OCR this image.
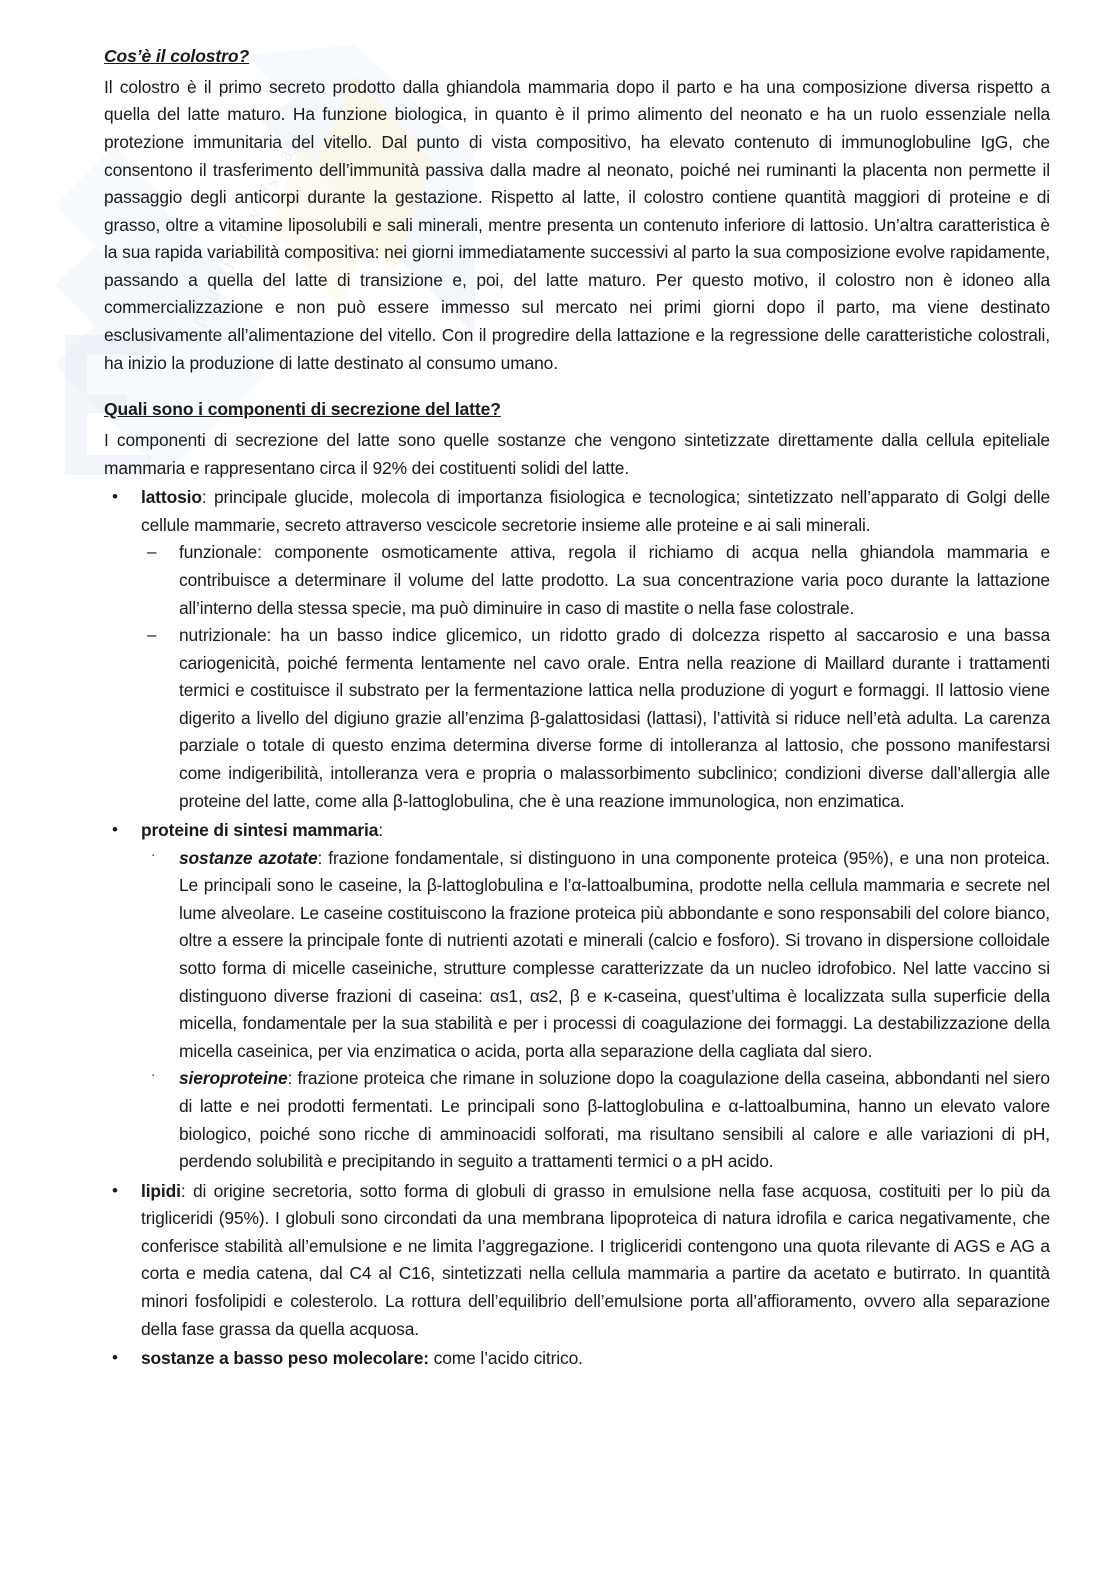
Appunti universitari
Cos’è il colostro?

Il colostro è il primo secreto prodotto dalla ghiandola mammaria dopo il parto e ha una composizione diversa rispetto a quella del latte maturo. Ha funzione biologica, in quanto è il primo alimento del neonato e ha un ruolo essenziale nella protezione immunitaria del vitello. Dal punto di vista compositivo, ha elevato contenuto di immunoglobuline IgG, che consentono il trasferimento dell’immunità passiva dalla madre al neonato, poiché nei ruminanti la placenta non permette il passaggio degli anticorpi durante la gestazione. Rispetto al latte, il colostro contiene quantità maggiori di proteine e di grasso, oltre a vitamine liposolubili e sali minerali, mentre presenta un contenuto inferiore di lattosio. Un’altra caratteristica è la sua rapida variabilità compositiva: nei giorni immediatamente successivi al parto la sua composizione evolve rapidamente, passando a quella del latte di transizione e, poi, del latte maturo. Per questo motivo, il colostro non è idoneo alla commercializzazione e non può essere immesso sul mercato nei primi giorni dopo il parto, ma viene destinato esclusivamente all’alimentazione del vitello. Con il progredire della lattazione e la regressione delle caratteristiche colostrali, ha inizio la produzione di latte destinato al consumo umano.

Quali sono i componenti di secrezione del latte?

I componenti di secrezione del latte sono quelle sostanze che vengono sintetizzate direttamente dalla cellula epiteliale mammaria e rappresentano circa il 92% dei costituenti solidi del latte.

• lattosio: principale glucide, molecola di importanza fisiologica e tecnologica; sintetizzato nell’apparato di Golgi delle cellule mammarie, secreto attraverso vescicole secretorie insieme alle proteine e ai sali minerali.
– funzionale: componente osmoticamente attiva, regola il richiamo di acqua nella ghiandola mammaria e contribuisce a determinare il volume del latte prodotto. La sua concentrazione varia poco durante la lattazione all’interno della stessa specie, ma può diminuire in caso di mastite o nella fase colostrale.
– nutrizionale: ha un basso indice glicemico, un ridotto grado di dolcezza rispetto al saccarosio e una bassa cariogenicità, poiché fermenta lentamente nel cavo orale. Entra nella reazione di Maillard durante i trattamenti termici e costituisce il substrato per la fermentazione lattica nella produzione di yogurt e formaggi. Il lattosio viene digerito a livello del digiuno grazie all’enzima β-galattosidasi (lattasi), l’attività si riduce nell’età adulta. La carenza parziale o totale di questo enzima determina diverse forme di intolleranza al lattosio, che possono manifestarsi come indigeribilità, intolleranza vera e propria o malassorbimento subclinico; condizioni diverse dall’allergia alle proteine del latte, come alla β-lattoglobulina, che è una reazione immunologica, non enzimatica.
• proteine di sintesi mammaria:
· sostanze azotate: frazione fondamentale, si distinguono in una componente proteica (95%), e una non proteica. Le principali sono le caseine, la β-lattoglobulina e l’α-lattoalbumina, prodotte nella cellula mammaria e secrete nel lume alveolare. Le caseine costituiscono la frazione proteica più abbondante e sono responsabili del colore bianco, oltre a essere la principale fonte di nutrienti azotati e minerali (calcio e fosforo). Si trovano in dispersione colloidale sotto forma di micelle caseiniche, strutture complesse caratterizzate da un nucleo idrofobico. Nel latte vaccino si distinguono diverse frazioni di caseina: αs1, αs2, β e κ-caseina, quest’ultima è localizzata sulla superficie della micella, fondamentale per la sua stabilità e per i processi di coagulazione dei formaggi. La destabilizzazione della micella caseinica, per via enzimatica o acida, porta alla separazione della cagliata dal siero.
· sieroproteine: frazione proteica che rimane in soluzione dopo la coagulazione della caseina, abbondanti nel siero di latte e nei prodotti fermentati. Le principali sono β-lattoglobulina e α-lattoalbumina, hanno un elevato valore biologico, poiché sono ricche di amminoacidi solforati, ma risultano sensibili al calore e alle variazioni di pH, perdendo solubilità e precipitando in seguito a trattamenti termici o a pH acido.
• lipidi: di origine secretoria, sotto forma di globuli di grasso in emulsione nella fase acquosa, costituiti per lo più da trigliceridi (95%). I globuli sono circondati da una membrana lipoproteica di natura idrofila e carica negativamente, che conferisce stabilità all’emulsione e ne limita l’aggregazione. I trigliceridi contengono una quota rilevante di AGS e AG a corta e media catena, dal C4 al C16, sintetizzati nella cellula mammaria a partire da acetato e butirrato. In quantità minori fosfolipidi e colesterolo. La rottura dell’equilibrio dell’emulsione porta all’affioramento, ovvero alla separazione della fase grassa da quella acquosa.
• sostanze a basso peso molecolare: come l’acido citrico.
